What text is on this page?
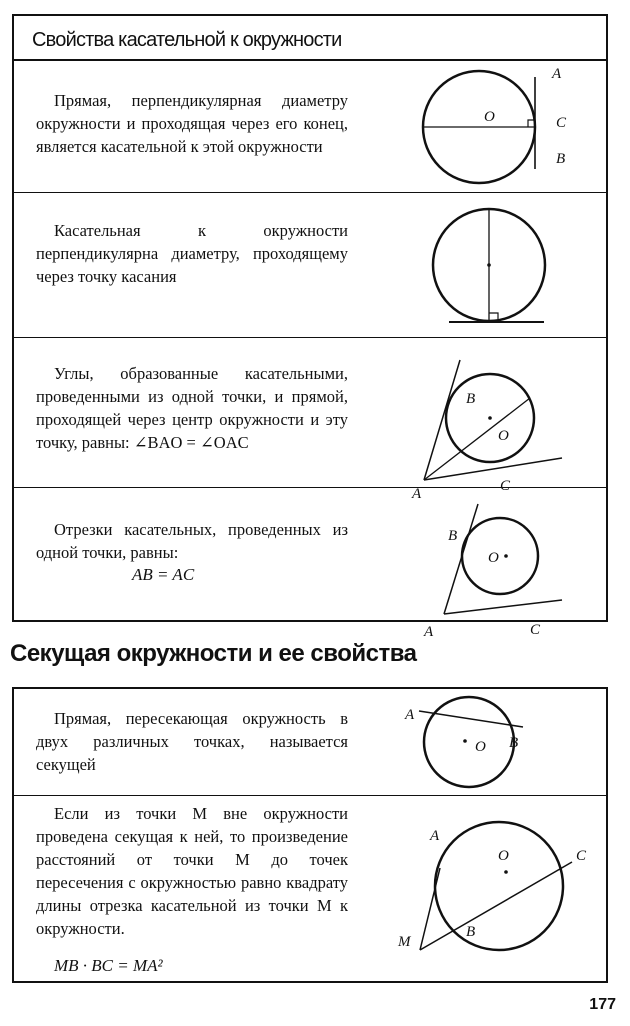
Свойства касательной к окружности
Прямая, перпендикулярная диаметру окружности и проходящая через его конец, является касательной к этой окружности
O
A
C
B
Касательная к окружности перпендикулярна диаметру, проходящему через точку касания
Углы, образованные касательными, проведенными из одной точки, и прямой, проходящей через центр окружности и эту точку, равны: ∠BAO = ∠OAC
A
B
O
C
Отрезки касательных, проведенных из одной точки, равны:
AB = AC
A
B
O
C
Секущая окружности и ее свойства
Прямая, пересекающая окружность в двух различных точках, называется секущей
A
O B
Если из точки M вне окружности проведена секущая к ней, то произведение расстояний от точки M до точек пересечения с окружностью равно квадрату длины отрезка касательной из точки M к окружности.
MB · BC = MA²
A
O	C
B
M
177
